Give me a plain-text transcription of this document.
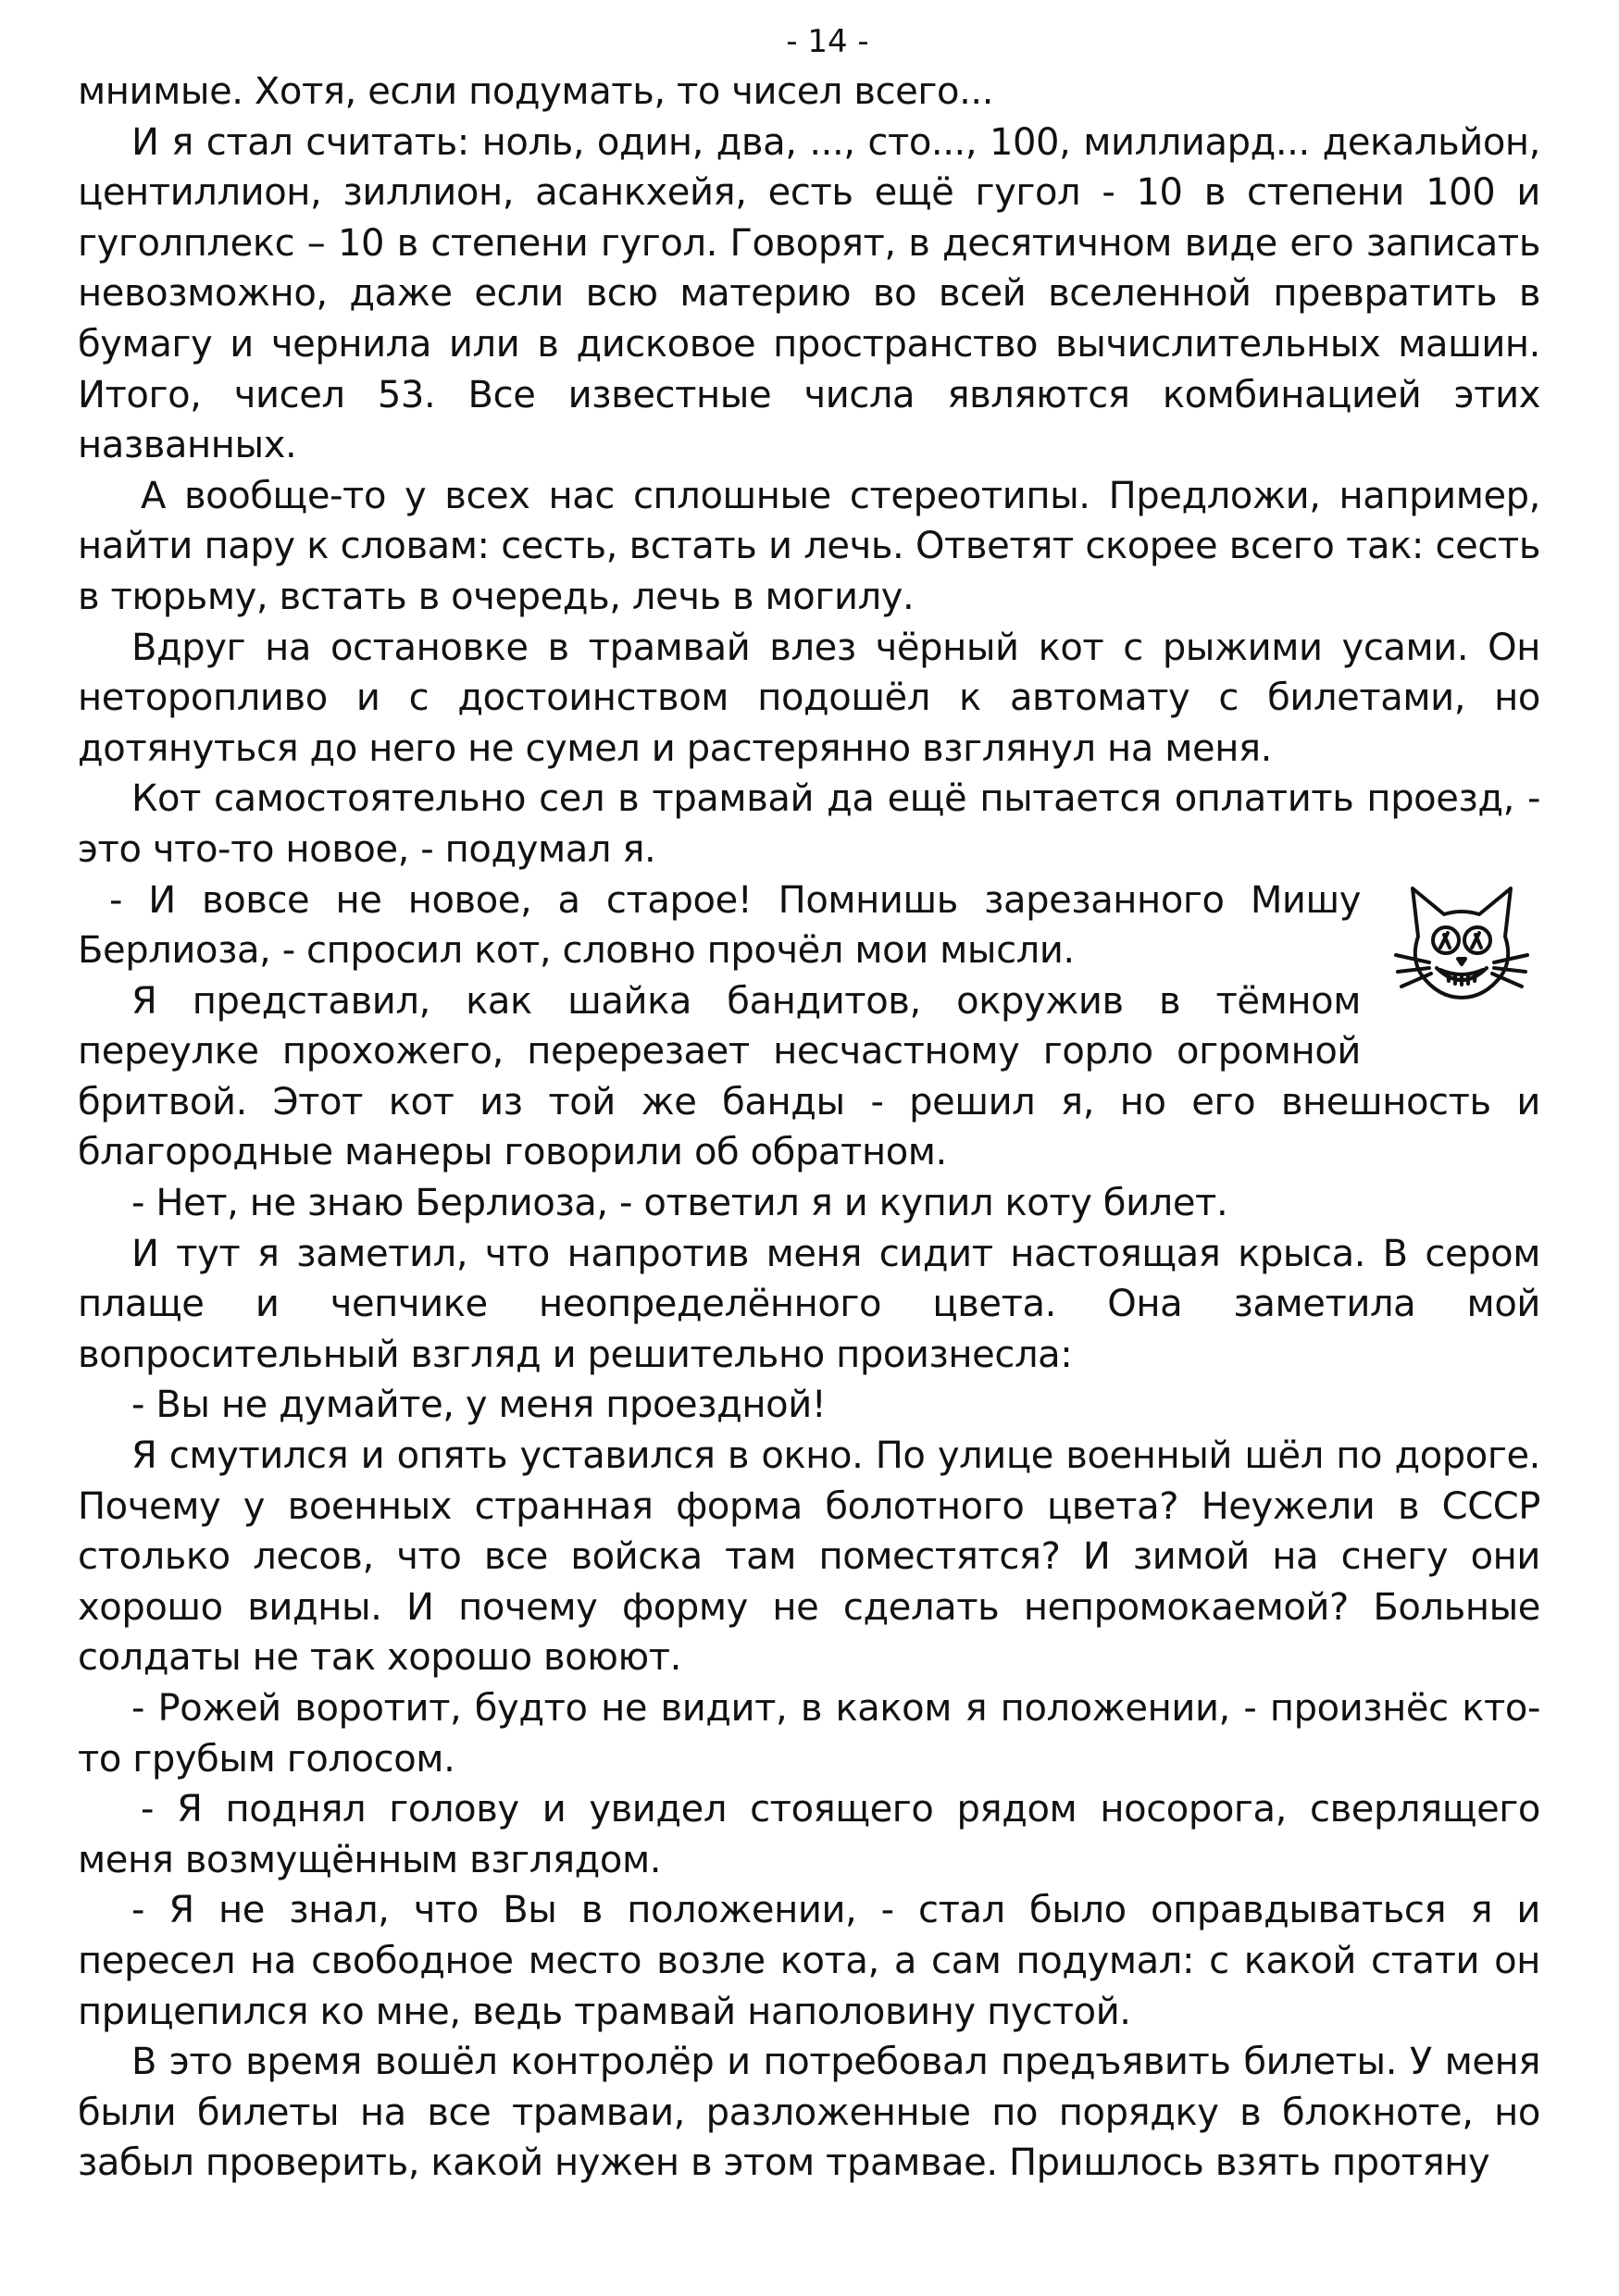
- 14 -

мнимые. Хотя, если подумать, то чисел всего...

И я стал считать: ноль, один, два, ..., сто..., 100, миллиард... декальйон, центиллион, зиллион, асанкхейя, есть ещё гугол - 10 в степени 100 и гуголплекс – 10 в степени гугол. Говорят, в десятичном виде его записать невозможно, даже если всю материю во всей вселенной превратить в бумагу и чернила или в дисковое пространство вычислительных машин. Итого, чисел 53. Все известные числа являются комбинацией этих названных.

А вообще-то у всех нас сплошные стереотипы. Предложи, например, найти пару к словам: сесть, встать и лечь. Ответят скорее всего так: сесть в тюрьму, встать в очередь, лечь в могилу.

Вдруг на остановке в трамвай влез чёрный кот с рыжими усами. Он неторопливо и с достоинством подошёл к автомату с билетами, но дотянуться до него не сумел и растерянно взглянул на меня.

Кот самостоятельно сел в трамвай да ещё пытается оплатить проезд, - это что-то новое, - подумал я.

- И вовсе не новое, а старое! Помнишь зарезанного Мишу Берлиоза, - спросил кот, словно прочёл мои мысли.

Я представил, как шайка бандитов, окружив в тёмном переулке прохожего, перерезает несчастному горло огромной бритвой. Этот кот из той же банды - решил я, но его внешность и благородные манеры говорили об обратном.

- Нет, не знаю Берлиоза, - ответил я и купил коту билет.

И тут я заметил, что напротив меня сидит настоящая крыса. В сером плаще и чепчике неопределённого цвета. Она заметила мой вопросительный взгляд и решительно произнесла:

- Вы не думайте, у меня проездной!

Я смутился и опять уставился в окно. По улице военный шёл по дороге. Почему у военных странная форма болотного цвета? Неужели в СССР столько лесов, что все войска там поместятся? И зимой на снегу они хорошо видны. И почему форму не сделать непромокаемой? Больные солдаты не так хорошо воюют.

- Рожей воротит, будто не видит, в каком я положении, - произнёс кто-то грубым голосом.

- Я поднял голову и увидел стоящего рядом носорога, сверлящего меня возмущённым взглядом.

- Я не знал, что Вы в положении, - стал было оправдываться я и пересел на свободное место возле кота, а сам подумал: с какой стати он прицепился ко мне, ведь трамвай наполовину пустой.

В это время вошёл контролёр и потребовал предъявить билеты. У меня были билеты на все трамваи, разложенные по порядку в блокноте, но забыл проверить, какой нужен в этом трамвае. Пришлось взять протяну
